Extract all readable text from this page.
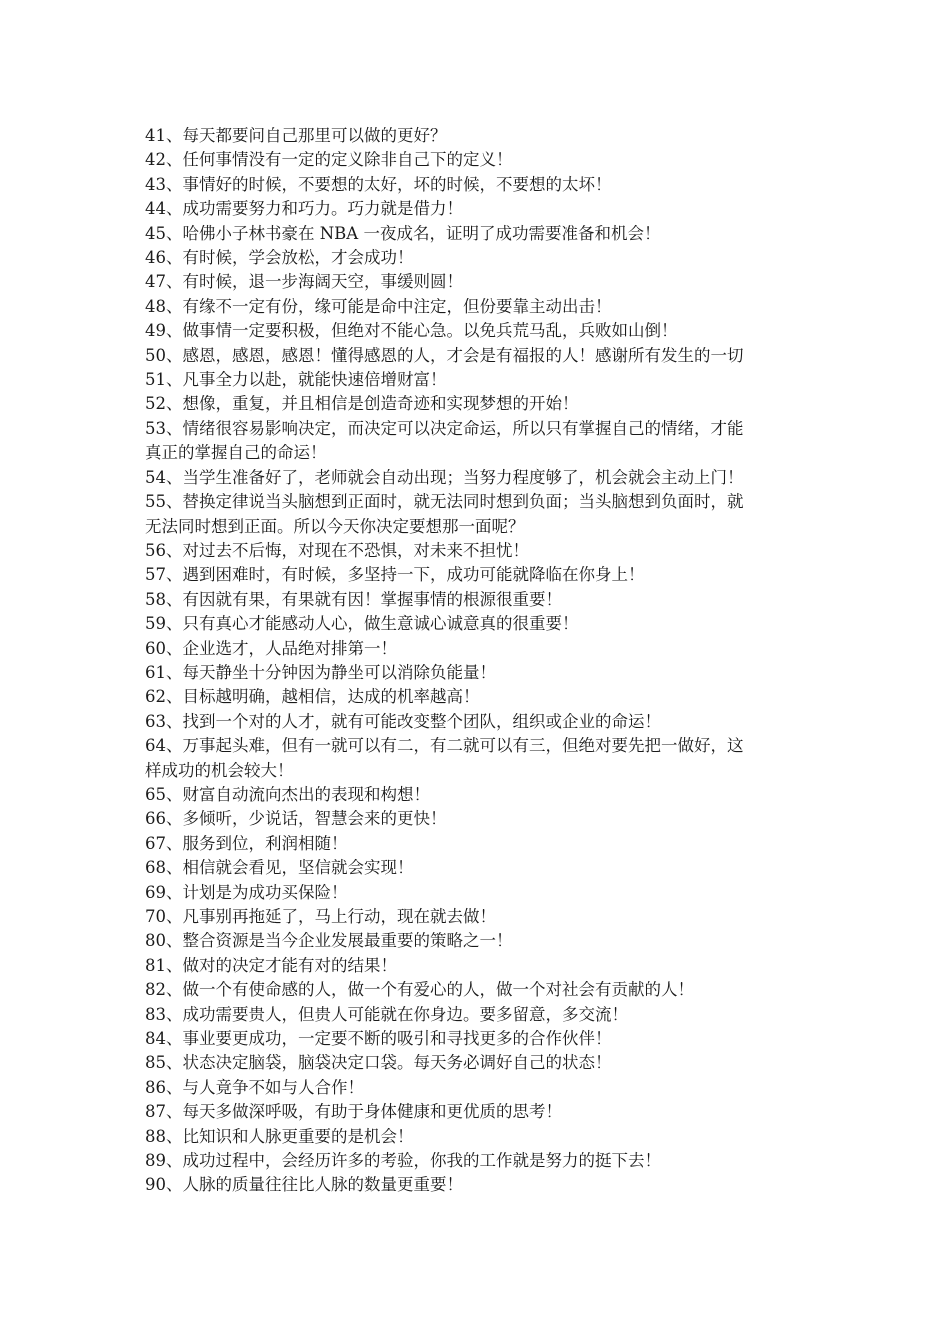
41、每天都要问自己那里可以做的更好？
42、任何事情没有一定的定义除非自己下的定义！
43、事情好的时候，不要想的太好，坏的时候，不要想的太坏！
44、成功需要努力和巧力。巧力就是借力！
45、哈佛小子林书豪在 NBA 一夜成名，证明了成功需要准备和机会！
46、有时候，学会放松，才会成功！
47、有时候，退一步海阔天空，事缓则圆！
48、有缘不一定有份，缘可能是命中注定，但份要靠主动出击！
49、做事情一定要积极，但绝对不能心急。以免兵荒马乱，兵败如山倒！
50、感恩，感恩，感恩！懂得感恩的人，才会是有福报的人！感谢所有发生的一切
51、凡事全力以赴，就能快速倍增财富！
52、想像，重复，并且相信是创造奇迹和实现梦想的开始！
53、情绪很容易影响决定，而决定可以决定命运，所以只有掌握自己的情绪，才能
真正的掌握自己的命运！
54、当学生准备好了，老师就会自动出现；当努力程度够了，机会就会主动上门！
55、替换定律说当头脑想到正面时，就无法同时想到负面；当头脑想到负面时，就
无法同时想到正面。所以今天你决定要想那一面呢？
56、对过去不后悔，对现在不恐惧，对未来不担忧！
57、遇到困难时，有时候，多坚持一下，成功可能就降临在你身上！
58、有因就有果，有果就有因！掌握事情的根源很重要！
59、只有真心才能感动人心，做生意诚心诚意真的很重要！
60、企业选才，人品绝对排第一！
61、每天静坐十分钟因为静坐可以消除负能量！
62、目标越明确，越相信，达成的机率越高！
63、找到一个对的人才，就有可能改变整个团队，组织或企业的命运！
64、万事起头难，但有一就可以有二，有二就可以有三，但绝对要先把一做好，这
样成功的机会较大！
65、财富自动流向杰出的表现和构想！
66、多倾听，少说话，智慧会来的更快！
67、服务到位，利润相随！
68、相信就会看见，坚信就会实现！
69、计划是为成功买保险！
70、凡事别再拖延了，马上行动，现在就去做！
80、整合资源是当今企业发展最重要的策略之一！
81、做对的决定才能有对的结果！
82、做一个有使命感的人，做一个有爱心的人，做一个对社会有贡献的人！
83、成功需要贵人，但贵人可能就在你身边。要多留意，多交流！
84、事业要更成功，一定要不断的吸引和寻找更多的合作伙伴！
85、状态决定脑袋，脑袋决定口袋。每天务必调好自己的状态！
86、与人竟争不如与人合作！
87、每天多做深呼吸，有助于身体健康和更优质的思考！
88、比知识和人脉更重要的是机会！
89、成功过程中，会经历许多的考验，你我的工作就是努力的挺下去！
90、人脉的质量往往比人脉的数量更重要！
